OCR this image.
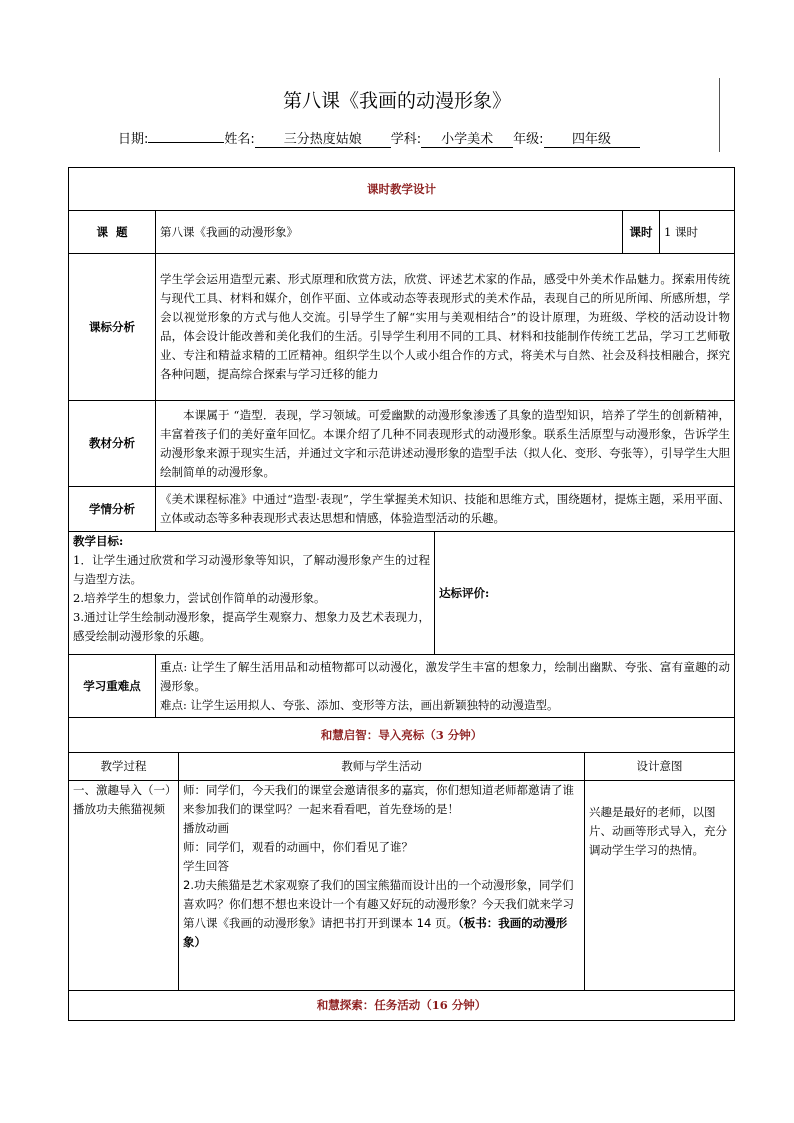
第八课《我画的动漫形象》
日期:	姓名: 三分热度姑娘 学科: 小学美术 年级: 四年级
课时教学设计						
课  题	第八课《我画的动漫形象》				课时	1 课时
课标分析	学生学会运用造型元素、形式原理和欣赏方法，欣赏、评述艺术家的作品，感受中外美术作品魅力。探索用传统与现代工具、材料和媒介，创作平面、立体或动态等表现形式的美术作品，表现自己的所见所闻、所感所想，学会以视觉形象的方式与他人交流。引导学生了解“实用与美观相结合”的设计原理，为班级、学校的活动设计物品，体会设计能改善和美化我们的生活。引导学生利用不同的工具、材料和技能制作传统工艺品，学习工艺师敬业、专注和精益求精的工匠精神。组织学生以个人或小组合作的方式，将美术与自然、社会及科技相融合，探究各种问题，提高综合探索与学习迁移的能力					
教材分析	本课属于 “造型．表现，学习领域。可爱幽默的动漫形象渗透了具象的造型知识，培养了学生的创新精神，丰富着孩子们的美好童年回忆。本课介绍了几种不同表现形式的动漫形象。联系生活原型与动漫形象，告诉学生动漫形象来源于现实生活，并通过文字和示范讲述动漫形象的造型手法（拟人化、变形、夸张等），引导学生大胆绘制简单的动漫形象。					
学情分析	《美术课程标准》中通过“造型·表现”，学生掌握美术知识、技能和思维方式，围绕题材，提炼主题，采用平面、立体或动态等多种表现形式表达思想和情感，体验造型活动的乐趣。					

教学目标:
1．让学生通过欣赏和学习动漫形象等知识，了解动漫形象产生的过程与造型方法。
2.培养学生的想象力，尝试创作简单的动漫形象。
3.通过让学生绘制动漫形象，提高学生观察力、想象力及艺术表现力，感受绘制动漫形象的乐趣。			达标评价:			
学习重难点	重点: 让学生了解生活用品和动植物都可以动漫化，激发学生丰富的想象力，绘制出幽默、夸张、富有童趣的动漫形象。
难点: 让学生运用拟人、夸张、添加、变形等方法，画出新颖独特的动漫造型。					

和慧启智：导入亮标（3 分钟）						
教学过程		教师与学生活动		设计意图		
一、激趣导入（一）播放功夫熊猫视频		师：同学们，今天我们的课堂会邀请很多的嘉宾，你们想知道老师都邀请了谁来参加我们的课堂吗？一起来看看吧，首先登场的是！
播放动画
师：同学们，观看的动画中，你们看见了谁？
学生回答
2.功夫熊猫是艺术家观察了我们的国宝熊猫而设计出的一个动漫形象，同学们喜欢吗？你们想不想也来设计一个有趣又好玩的动漫形象？今天我们就来学习第八课《我画的动漫形象》请把书打开到课本 14 页。（板书：我画的动漫形象）		兴趣是最好的老师，以图片、动画等形式导入，充分调动学生学习的热情。		
和慧探索：任务活动（16 分钟）						
